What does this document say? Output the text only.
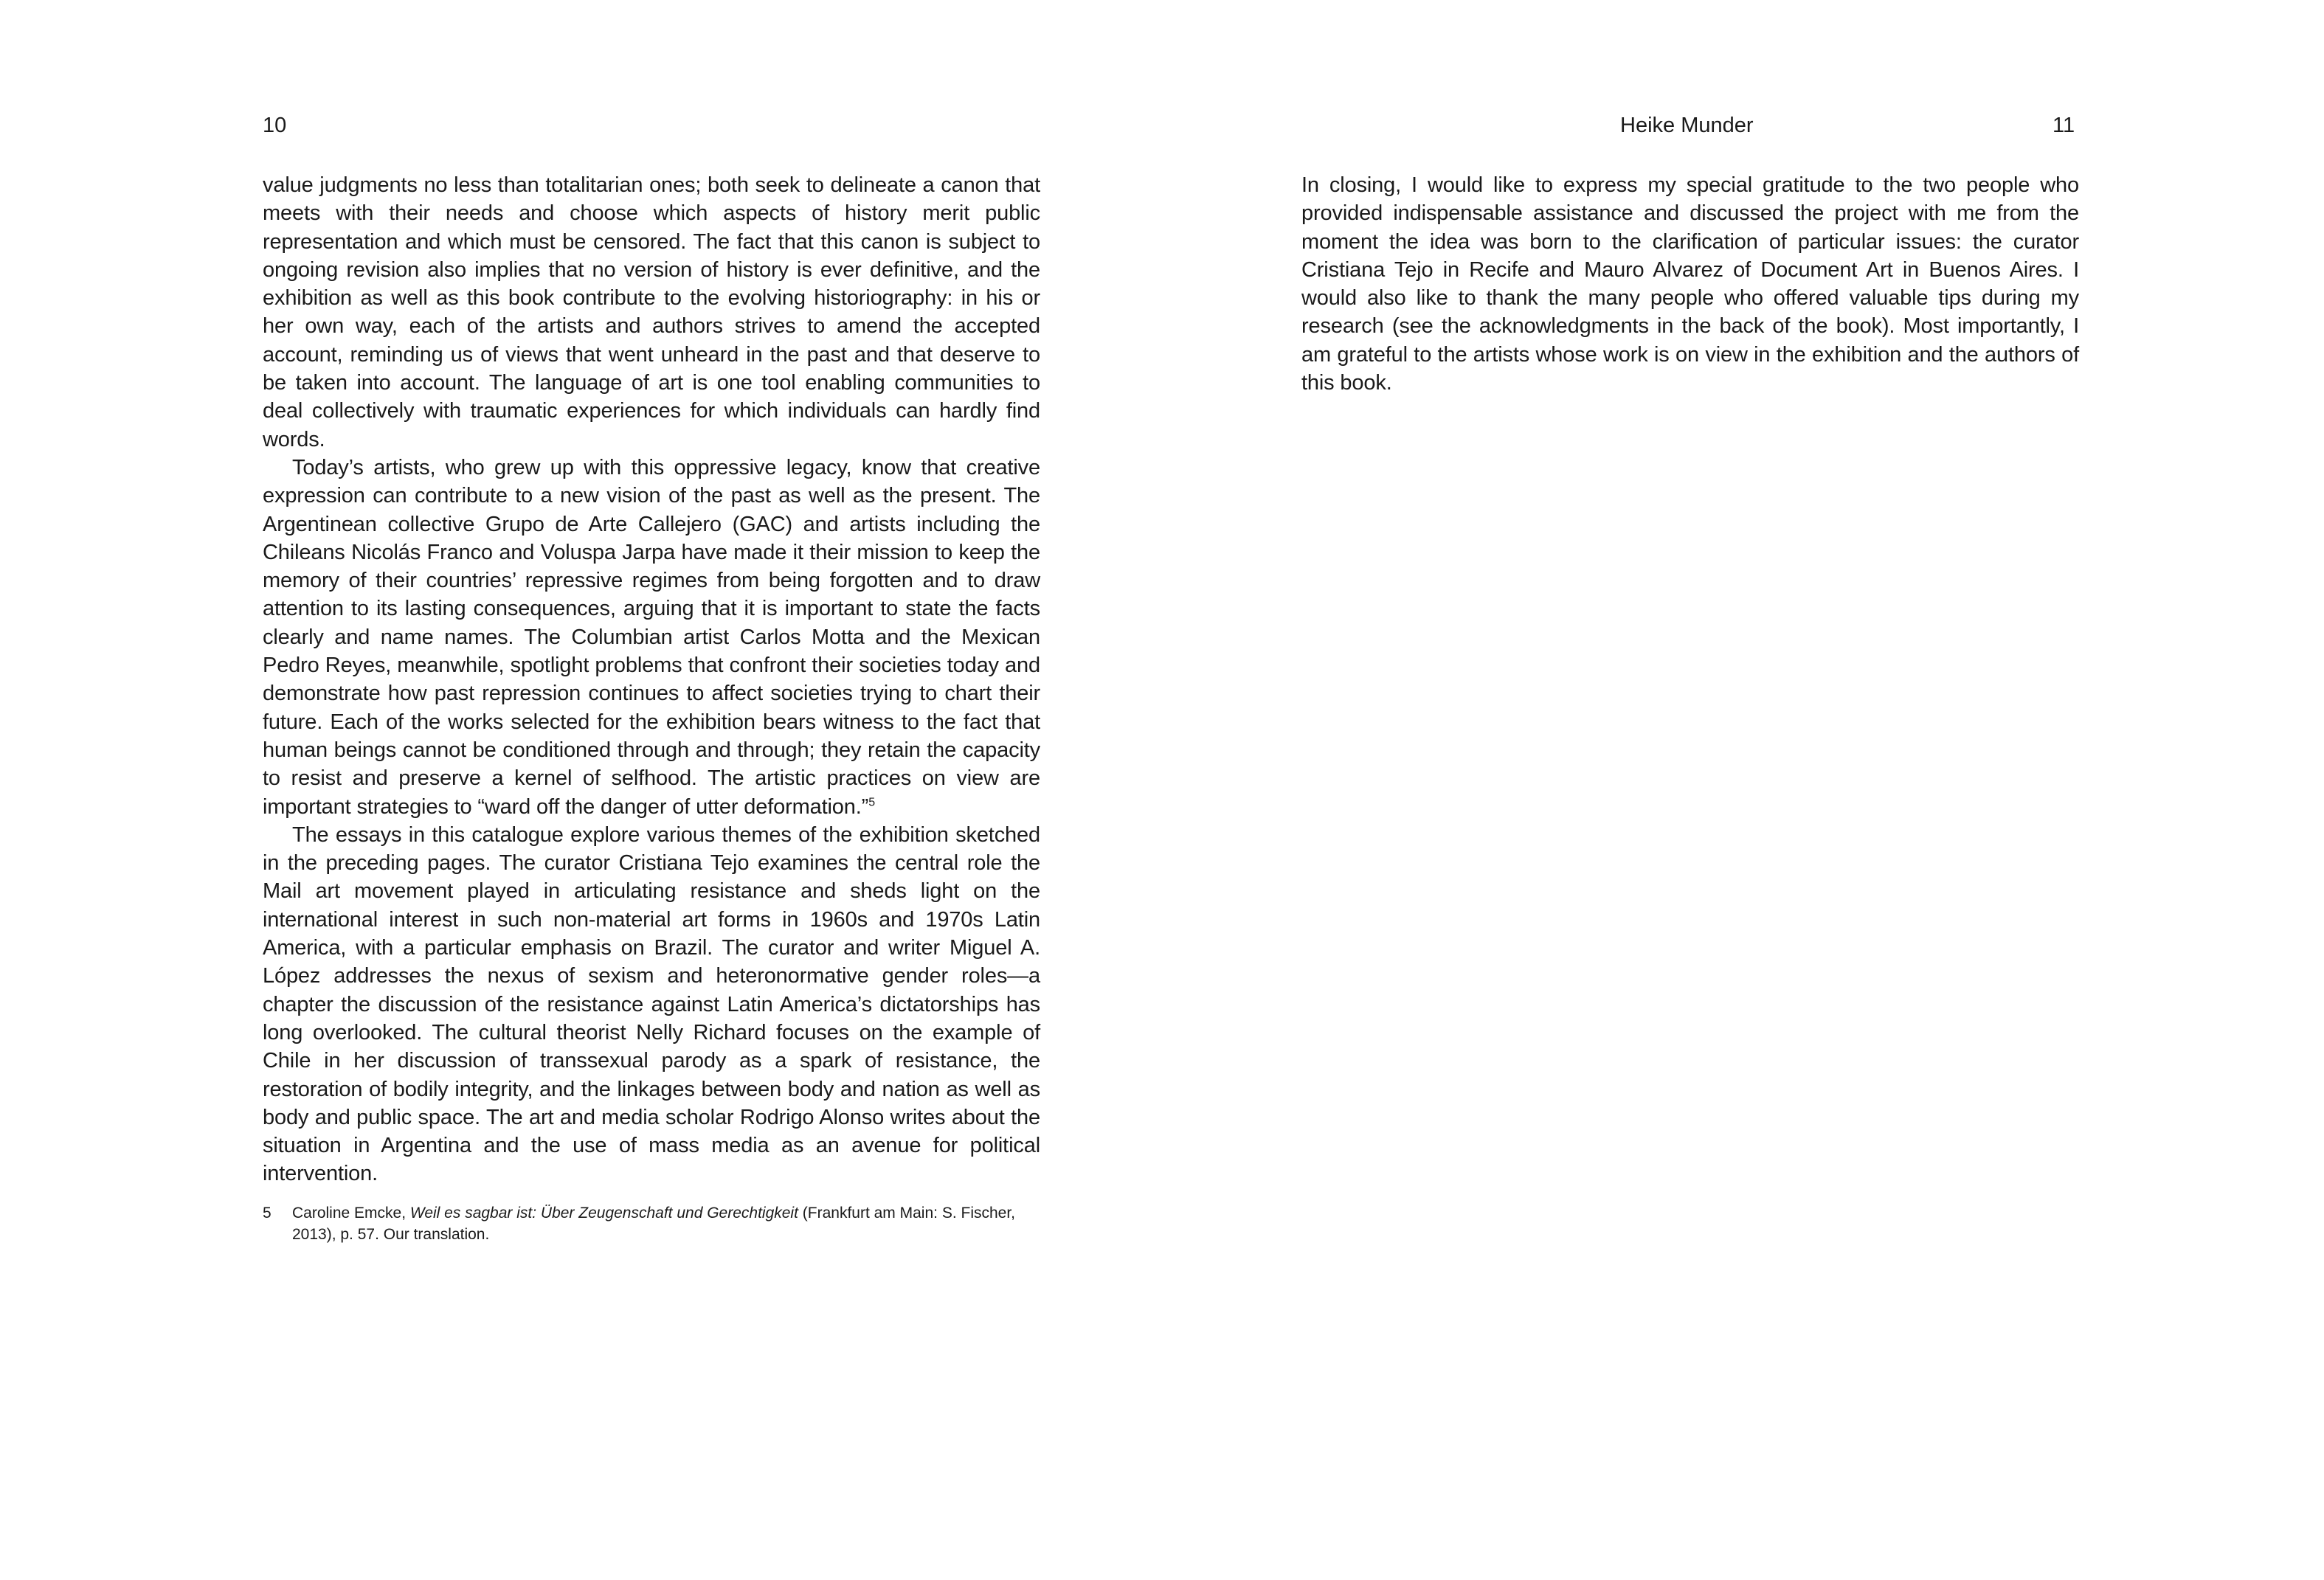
10

value judgments no less than totalitarian ones; both seek to delineate a canon that meets with their needs and choose which aspects of history merit public representation and which must be censored. The fact that this canon is subject to ongoing revision also implies that no version of history is ever definitive, and the exhibition as well as this book contribute to the evolving historiography: in his or her own way, each of the artists and authors strives to amend the accepted account, reminding us of views that went unheard in the past and that deserve to be taken into account. The language of art is one tool enabling communities to deal collectively with traumatic experiences for which individuals can hardly find words.

Today’s artists, who grew up with this oppressive legacy, know that creative expression can contribute to a new vision of the past as well as the present. The Argentinean collective Grupo de Arte Callejero (GAC) and artists including the Chileans Nicolás Franco and Voluspa Jarpa have made it their mission to keep the memory of their countries’ repressive regimes from being forgotten and to draw attention to its lasting consequences, arguing that it is important to state the facts clearly and name names. The Columbian artist Carlos Motta and the Mexican Pedro Reyes, meanwhile, spotlight problems that confront their societies today and demonstrate how past repression continues to affect societies trying to chart their future. Each of the works selected for the exhibition bears witness to the fact that human beings cannot be conditioned through and through; they retain the capacity to resist and preserve a kernel of selfhood. The artistic practices on view are important strategies to “ward off the danger of utter deformation.”$^5$

The essays in this catalogue explore various themes of the exhibition sketched in the preceding pages. The curator Cristiana Tejo examines the central role the Mail art movement played in articulating resistance and sheds light on the international interest in such non-material art forms in 1960s and 1970s Latin America, with a particular emphasis on Brazil. The curator and writer Miguel A. López addresses the nexus of sexism and heteronormative gender roles—a chapter the discussion of the resistance against Latin America’s dictatorships has long overlooked. The cultural theorist Nelly Richard focuses on the example of Chile in her discussion of transsexual parody as a spark of resistance, the restoration of bodily integrity, and the linkages between body and nation as well as body and public space. The art and media scholar Rodrigo Alonso writes about the situation in Argentina and the use of mass media as an avenue for political intervention.

5 Caroline Emcke, Weil es sagbar ist: Über Zeugenschaft und Gerechtigkeit (Frankfurt am Main: S. Fischer, 2013), p. 57. Our translation.

Heike Munder	11

In closing, I would like to express my special gratitude to the two people who provided indispensable assistance and discussed the project with me from the moment the idea was born to the clarification of particular issues: the curator Cristiana Tejo in Recife and Mauro Alvarez of Document Art in Buenos Aires. I would also like to thank the many people who offered valuable tips during my research (see the acknowledgments in the back of the book). Most importantly, I am grateful to the artists whose work is on view in the exhibition and the authors of this book.
